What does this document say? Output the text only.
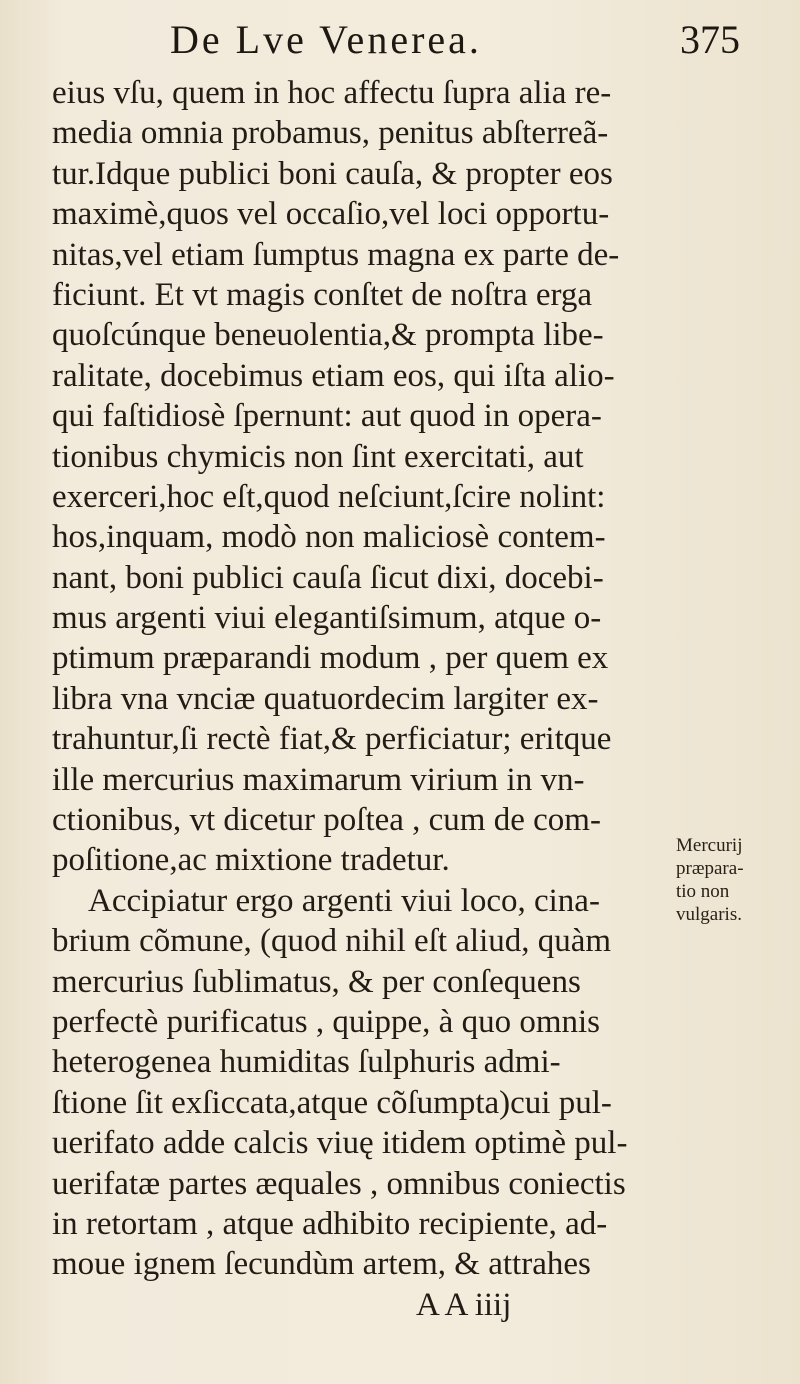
De Lve Venerea.	375
eius vſu, quem in hoc affectu ſupra alia re-
media omnia probamus, penitus abſterreã-
tur.Idque publici boni cauſa, & propter eos
maximè,quos vel occaſio,vel loci opportu-
nitas,vel etiam ſumptus magna ex parte de-
ficiunt. Et vt magis conſtet de noſtra erga
quoſcúnque beneuolentia,& prompta libe-
ralitate, docebimus etiam eos, qui iſta alio-
qui faſtidiosè ſpernunt: aut quod in opera-
tionibus chymicis non ſint exercitati, aut
exerceri,hoc eſt,quod neſciunt,ſcire nolint:
hos,inquam, modò non maliciosè contem-
nant, boni publici cauſa ſicut dixi, docebi-
mus argenti viui elegantiſsimum, atque o-
ptimum præparandi modum , per quem ex
libra vna vnciæ quatuordecim largiter ex-
trahuntur,ſi rectè fiat,& perficiatur; eritque
ille mercurius maximarum virium in vn-
ctionibus, vt dicetur poſtea , cum de com-
poſitione,ac mixtione tradetur.
Accipiatur ergo argenti viui loco, cina-
brium cõmune, (quod nihil eſt aliud, quàm
mercurius ſublimatus, & per conſequens
perfectè purificatus , quippe, à quo omnis
heterogenea humiditas ſulphuris admi-
ſtione ſit exſiccata,atque cõſumpta)cui pul-
uerifato adde calcis viuę itidem optimè pul-
uerifatæ partes æquales , omnibus coniectis
in retortam , atque adhibito recipiente, ad-
moue ignem ſecundùm artem, & attrahes
A A iiij
Mercurij
præpara-
tio non
vulgaris.
